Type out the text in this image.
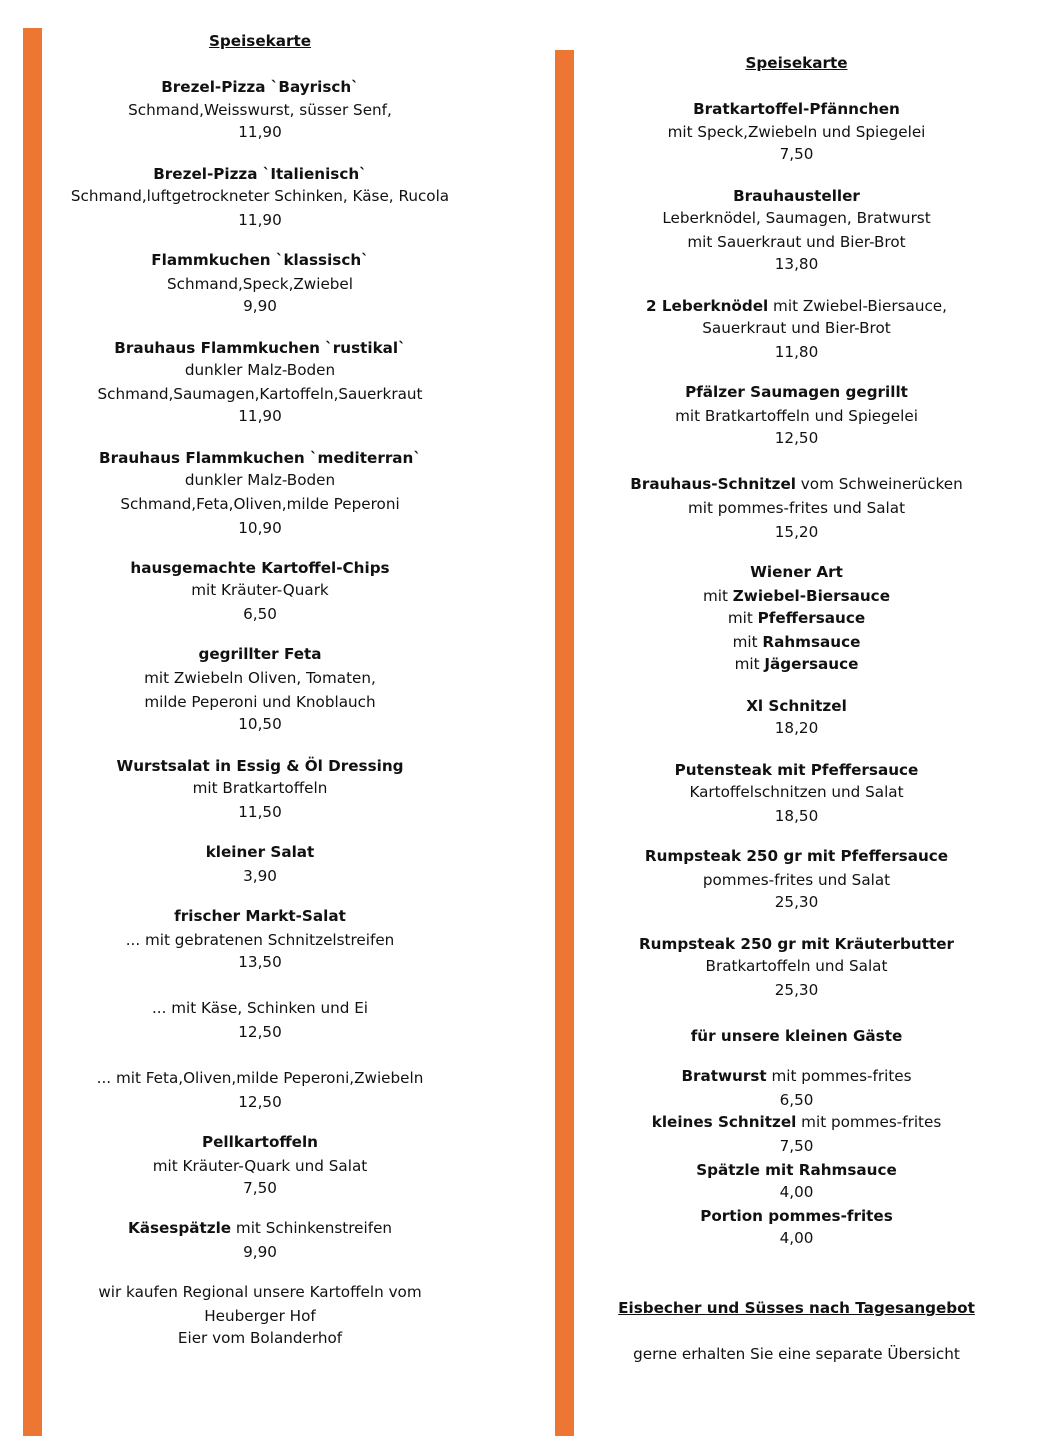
Speisekarte
Brezel-Pizza `Bayrisch`
Schmand,Weisswurst, süsser Senf,
11,90
Brezel-Pizza `Italienisch`
Schmand,luftgetrockneter Schinken, Käse, Rucola
11,90
Flammkuchen `klassisch`
Schmand,Speck,Zwiebel
9,90
Brauhaus Flammkuchen `rustikal`
dunkler Malz-Boden
Schmand,Saumagen,Kartoffeln,Sauerkraut
11,90
Brauhaus Flammkuchen `mediterran`
dunkler Malz-Boden
Schmand,Feta,Oliven,milde Peperoni
10,90
hausgemachte Kartoffel-Chips
mit Kräuter-Quark
6,50
gegrillter Feta
mit Zwiebeln Oliven, Tomaten,
milde Peperoni und Knoblauch
10,50
Wurstsalat in Essig & Öl Dressing
mit Bratkartoffeln
11,50
kleiner Salat
3,90
frischer Markt-Salat
... mit gebratenen Schnitzelstreifen
13,50
... mit Käse, Schinken und Ei
12,50
... mit Feta,Oliven,milde Peperoni,Zwiebeln
12,50
Pellkartoffeln
mit Kräuter-Quark und Salat
7,50
Käsespätzle mit Schinkenstreifen
9,90
wir kaufen Regional unsere Kartoffeln vom
Heuberger Hof
Eier vom Bolanderhof
Speisekarte
Bratkartoffel-Pfännchen
mit Speck,Zwiebeln und Spiegelei
7,50
Brauhausteller
Leberknödel, Saumagen, Bratwurst
mit Sauerkraut und Bier-Brot
13,80
2 Leberknödel mit Zwiebel-Biersauce,
Sauerkraut und Bier-Brot
11,80
Pfälzer Saumagen gegrillt
mit Bratkartoffeln und Spiegelei
12,50
Brauhaus-Schnitzel vom Schweinerücken
mit pommes-frites und Salat
15,20
Wiener Art
mit Zwiebel-Biersauce
mit Pfeffersauce
mit Rahmsauce
mit Jägersauce
Xl Schnitzel
18,20
Putensteak mit Pfeffersauce
Kartoffelschnitzen und Salat
18,50
Rumpsteak 250 gr mit Pfeffersauce
pommes-frites und Salat
25,30
Rumpsteak 250 gr mit Kräuterbutter
Bratkartoffeln und Salat
25,30
für unsere kleinen Gäste
Bratwurst mit pommes-frites
6,50
kleines Schnitzel mit pommes-frites
7,50
Spätzle mit Rahmsauce
4,00
Portion pommes-frites
4,00
Eisbecher und Süsses nach Tagesangebot
gerne erhalten Sie eine separate Übersicht
